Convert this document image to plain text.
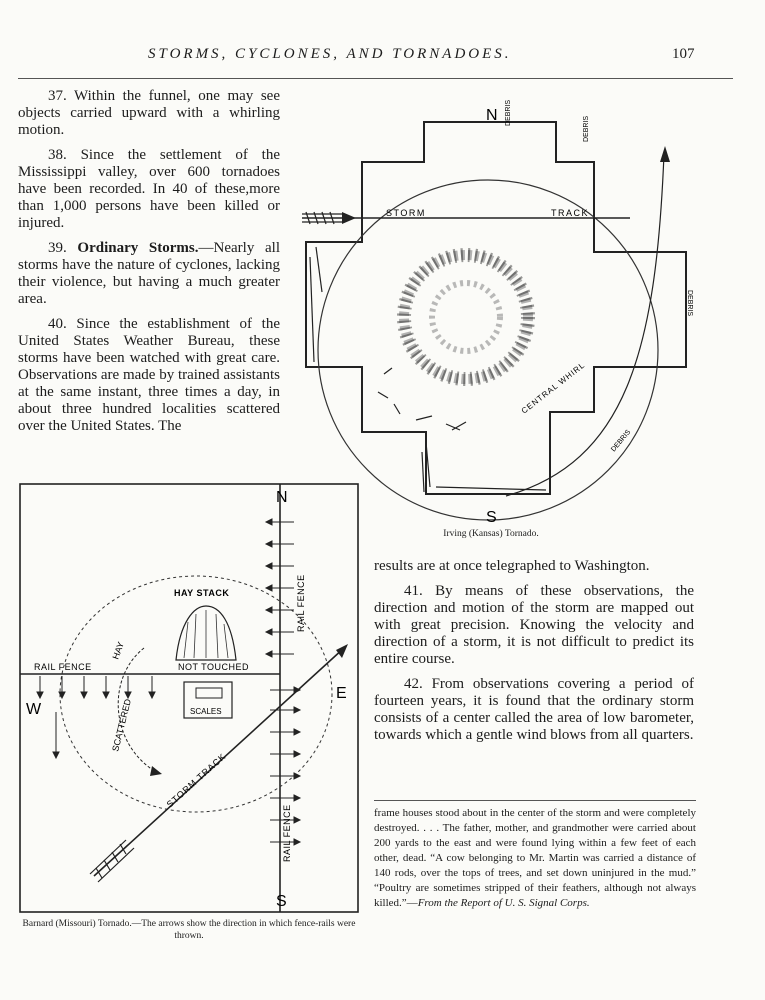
STORMS, CYCLONES, AND TORNADOES.	107

37. Within the funnel, one may see objects carried upward with a whirling motion.

38. Since the settlement of the Mississippi valley, over 600 tornadoes have been recorded. In 40 of these,more than 1,000 persons have been killed or injured.

39. Ordinary Storms.—Nearly all storms have the nature of cyclones, lacking their violence, but having a much greater area.

40. Since the establishment of the United States Weather Bureau, these storms have been watched with great care. Observations are made by trained assistants at the same instant, three times a day, in about three hundred localities scattered over the United States. The

N
S
STORM	TRACK
CENTRAL WHIRL
DEBRIS
DEBRIS
DEBRIS
DEBRIS
Irving (Kansas) Tornado.
N
S
E
W
HAY STACK
HAY
RAIL FENCE	NOT TOUCHED
RAIL FENCE
RAIL FENCE
SCALES
SCATTERED
STORM TRACK
Barnard (Missouri) Tornado.—The arrows show the direction in which fence-rails were thrown.

results are at once telegraphed to Washington.

41. By means of these observations, the direction and motion of the storm are mapped out with great precision. Knowing the velocity and direction of a storm, it is not difficult to predict its entire course.

42. From observations covering a period of fourteen years, it is found that the ordinary storm consists of a center called the area of low barometer, towards which a gentle wind blows from all quarters.

frame houses stood about in the center of the storm and were completely destroyed. . . . The father, mother, and grandmother were carried about 200 yards to the east and were found lying within a few feet of each other, dead. “A cow belonging to Mr. Martin was carried a distance of 140 rods, over the tops of trees, and set down uninjured in the mud.” “Poultry are sometimes stripped of their feathers, although not always killed.”—From the Report of U. S. Signal Corps.
